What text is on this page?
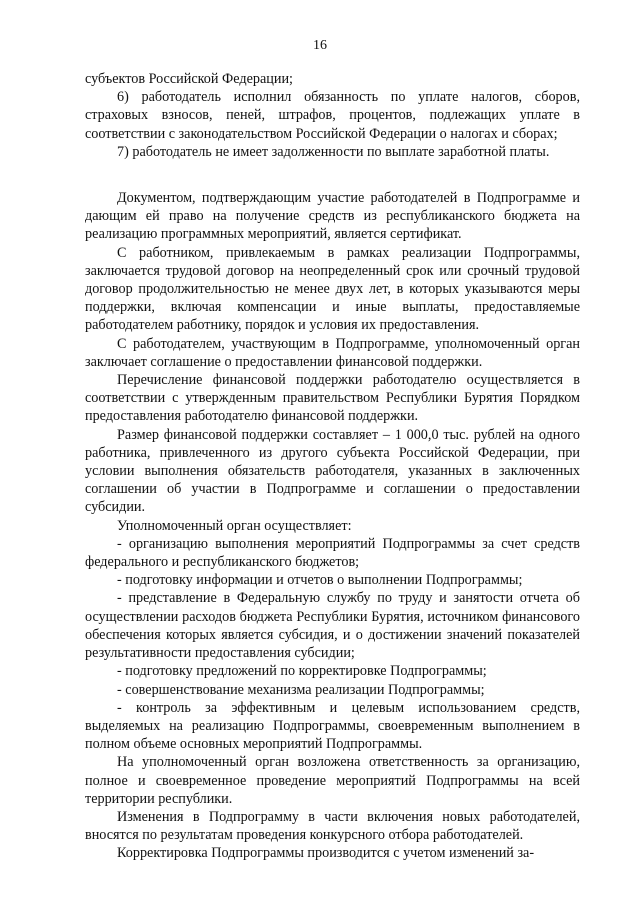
16

субъектов Российской Федерации;

6) работодатель исполнил обязанность по уплате налогов, сборов, страховых взносов, пеней, штрафов, процентов, подлежащих уплате в соответствии с законодательством Российской Федерации о налогах и сборах;

7) работодатель не имеет задолженности по выплате заработной платы.

Документом, подтверждающим участие работодателей в Подпрограмме и дающим ей право на получение средств из республиканского бюджета на реализацию программных мероприятий, является сертификат.

С работником, привлекаемым в рамках реализации Подпрограммы, заключается трудовой договор на неопределенный срок или срочный трудовой договор продолжительностью не менее двух лет, в которых указываются меры поддержки, включая компенсации и иные выплаты, предоставляемые работодателем работнику, порядок и условия их предоставления.

С работодателем, участвующим в Подпрограмме, уполномоченный орган заключает соглашение о предоставлении финансовой поддержки.

Перечисление финансовой поддержки работодателю осуществляется в соответствии с утвержденным правительством Республики Бурятия Порядком предоставления работодателю финансовой поддержки.

Размер финансовой поддержки составляет – 1 000,0 тыс. рублей на одного работника, привлеченного из другого субъекта Российской Федерации, при условии выполнения обязательств работодателя, указанных в заключенных соглашении об участии в Подпрограмме и соглашении о предоставлении субсидии.

Уполномоченный орган осуществляет:

- организацию выполнения мероприятий Подпрограммы за счет средств федерального и республиканского бюджетов;

- подготовку информации и отчетов о выполнении Подпрограммы;

- представление в Федеральную службу по труду и занятости отчета об осуществлении расходов бюджета Республики Бурятия, источником финансового обеспечения которых является субсидия, и о достижении значений показателей результативности предоставления субсидии;

- подготовку предложений по корректировке Подпрограммы;

- совершенствование механизма реализации Подпрограммы;

- контроль за эффективным и целевым использованием средств, выделяемых на реализацию Подпрограммы, своевременным выполнением в полном объеме основных мероприятий Подпрограммы.

На уполномоченный орган возложена ответственность за организацию, полное и своевременное проведение мероприятий Подпрограммы на всей территории республики.

Изменения в Подпрограмму в части включения новых работодателей, вносятся по результатам проведения конкурсного отбора работодателей.

Корректировка Подпрограммы производится с учетом изменений за-
